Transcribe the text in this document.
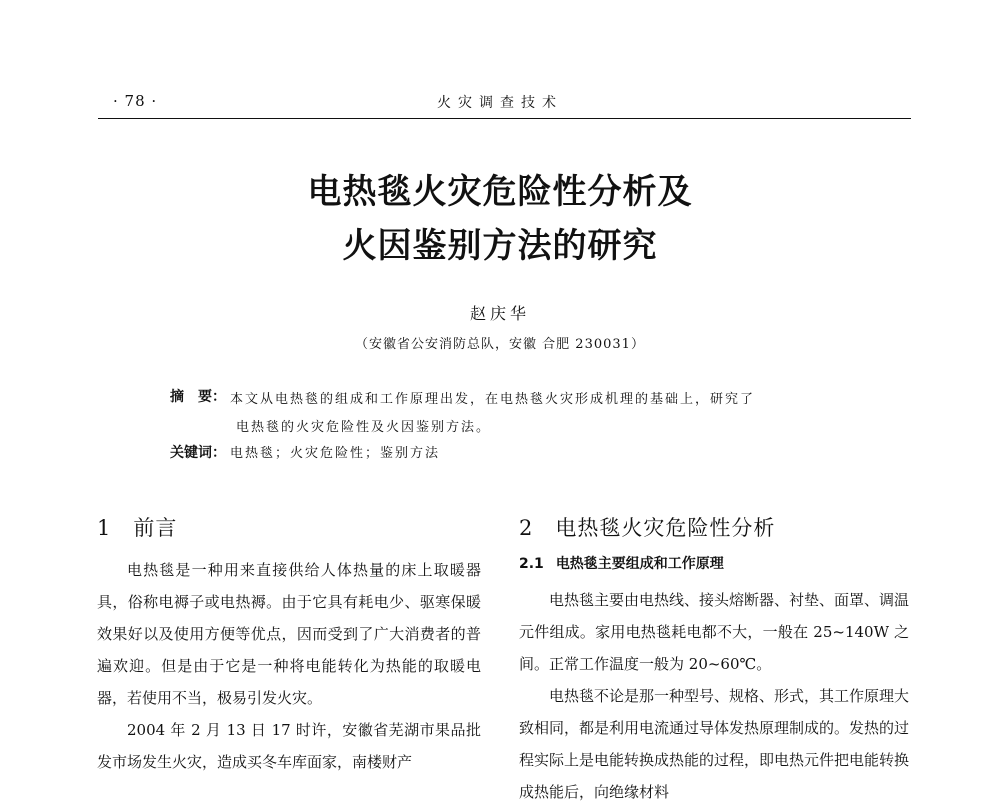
· 78 ·	火灾调查技术
电热毯火灾危险性分析及
火因鉴别方法的研究
赵庆华
（安徽省公安消防总队，安徽 合肥 230031）
摘　要： 本文从电热毯的组成和工作原理出发，在电热毯火灾形成机理的基础上，研究了
电热毯的火灾危险性及火因鉴别方法。
关键词： 电热毯；火灾危险性；鉴别方法
1 前言

电热毯是一种用来直接供给人体热量的床上取暖器具，俗称电褥子或电热褥。由于它具有耗电少、驱寒保暖效果好以及使用方便等优点，因而受到了广大消费者的普遍欢迎。但是由于它是一种将电能转化为热能的取暖电器，若使用不当，极易引发火灾。

2004 年 2 月 13 日 17 时许，安徽省芜湖市果品批发市场发生火灾，造成买冬车库面家，南楼财产

2 电热毯火灾危险性分析
2.1 电热毯主要组成和工作原理

电热毯主要由电热线、接头熔断器、衬垫、面罩、调温元件组成。家用电热毯耗电都不大，一般在 25~140W 之间。正常工作温度一般为 20~60℃。

电热毯不论是那一种型号、规格、形式，其工作原理大致相同，都是利用电流通过导体发热原理制成的。发热的过程实际上是电能转换成热能的过程，即电热元件把电能转换成热能后，向绝缘材料
